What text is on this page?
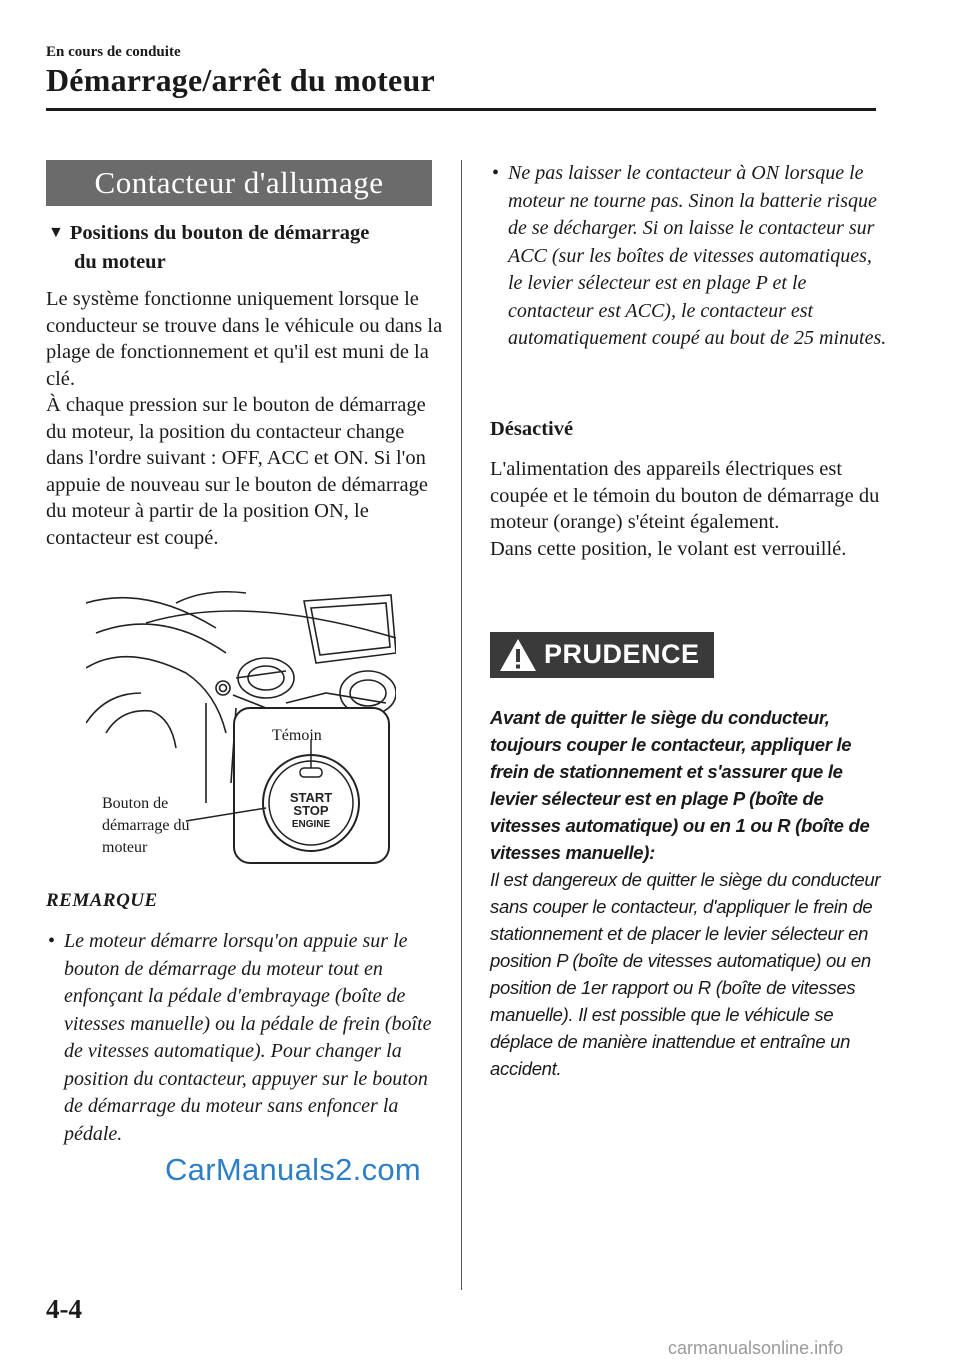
En cours de conduite
Démarrage/arrêt du moteur
Contacteur d'allumage
▼ Positions du bouton de démarrage
du moteur
Le système fonctionne uniquement lorsque le conducteur se trouve dans le véhicule ou dans la plage de fonctionnement et qu'il est muni de la clé.
À chaque pression sur le bouton de démarrage du moteur, la position du contacteur change dans l'ordre suivant : OFF, ACC et ON. Si l'on appuie de nouveau sur le bouton de démarrage du moteur à partir de la position ON, le contacteur est coupé.
START
STOP
ENGINE
Témoin
Bouton de
démarrage du
moteur
REMARQUE
• Le moteur démarre lorsqu'on appuie sur le bouton de démarrage du moteur tout en enfonçant la pédale d'embrayage (boîte de vitesses manuelle) ou la pédale de frein (boîte de vitesses automatique). Pour changer la position du contacteur, appuyer sur le bouton de démarrage du moteur sans enfoncer la pédale.
• Ne pas laisser le contacteur à ON lorsque le moteur ne tourne pas. Sinon la batterie risque de se décharger. Si on laisse le contacteur sur ACC (sur les boîtes de vitesses automatiques, le levier sélecteur est en plage P et le contacteur est ACC), le contacteur est automatiquement coupé au bout de 25 minutes.
Désactivé
L'alimentation des appareils électriques est coupée et le témoin du bouton de démarrage du moteur (orange) s'éteint également.
Dans cette position, le volant est verrouillé.
PRUDENCE
Avant de quitter le siège du conducteur, toujours couper le contacteur, appliquer le frein de stationnement et s'assurer que le levier sélecteur est en plage P (boîte de vitesses automatique) ou en 1 ou R (boîte de vitesses manuelle):
Il est dangereux de quitter le siège du conducteur sans couper le contacteur, d'appliquer le frein de stationnement et de placer le levier sélecteur en position P (boîte de vitesses automatique) ou en position de 1er rapport ou R (boîte de vitesses manuelle). Il est possible que le véhicule se déplace de manière inattendue et entraîne un accident.
CarManuals2.com
4-4
carmanualsonline.info
